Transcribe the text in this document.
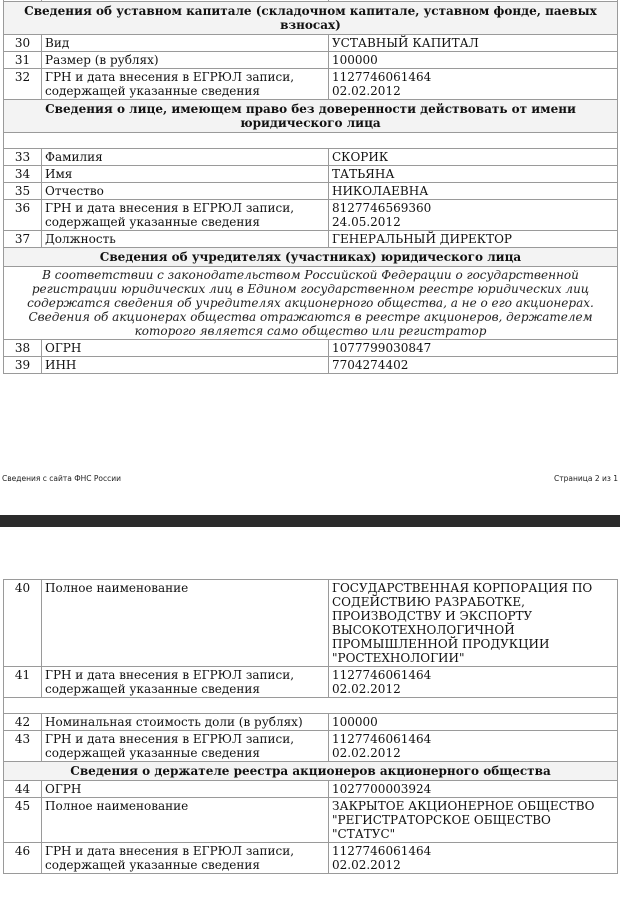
Сведения об уставном капитале (складочном капитале, уставном фонде, паевых взносах)		
30	Вид	УСТАВНЫЙ КАПИТАЛ
31	Размер (в рублях)	100000
32	ГРН и дата внесения в ЕГРЮЛ записи, содержащей указанные сведения	1127746061464
02.02.2012
Сведения о лице, имеющем право без доверенности действовать от имени юридического лица		

33	Фамилия	СКОРИК
34	Имя	ТАТЬЯНА
35	Отчество	НИКОЛАЕВНА
36	ГРН и дата внесения в ЕГРЮЛ записи, содержащей указанные сведения	8127746569360
24.05.2012
37	Должность	ГЕНЕРАЛЬНЫЙ ДИРЕКТОР
Сведения об учредителях (участниках) юридического лица		
В соответствии с законодательством Российской Федерации о государственной регистрации юридических лиц в Едином государственном реестре юридических лиц содержатся сведения об учредителях акционерного общества, а не о его акционерах. Сведения об акционерах общества отражаются в реестре акционеров, держателем которого является само общество или регистратор		
38	ОГРН	1077799030847
39	ИНН	7704274402
Сведения с сайта ФНС России	Страница 2 из 1
40	Полное наименование	ГОСУДАРСТВЕННАЯ КОРПОРАЦИЯ ПО СОДЕЙСТВИЮ РАЗРАБОТКЕ, ПРОИЗВОДСТВУ И ЭКСПОРТУ ВЫСОКОТЕХНОЛОГИЧНОЙ ПРОМЫШЛЕННОЙ ПРОДУКЦИИ "РОСТЕХНОЛОГИИ"
41	ГРН и дата внесения в ЕГРЮЛ записи, содержащей указанные сведения	1127746061464
02.02.2012

42	Номинальная стоимость доли (в рублях)	100000
43	ГРН и дата внесения в ЕГРЮЛ записи, содержащей указанные сведения	1127746061464
02.02.2012
Сведения о держателе реестра акционеров акционерного общества		
44	ОГРН	1027700003924
45	Полное наименование	ЗАКРЫТОЕ АКЦИОНЕРНОЕ ОБЩЕСТВО "РЕГИСТРАТОРСКОЕ ОБЩЕСТВО "СТАТУС"
46	ГРН и дата внесения в ЕГРЮЛ записи, содержащей указанные сведения	1127746061464
02.02.2012
